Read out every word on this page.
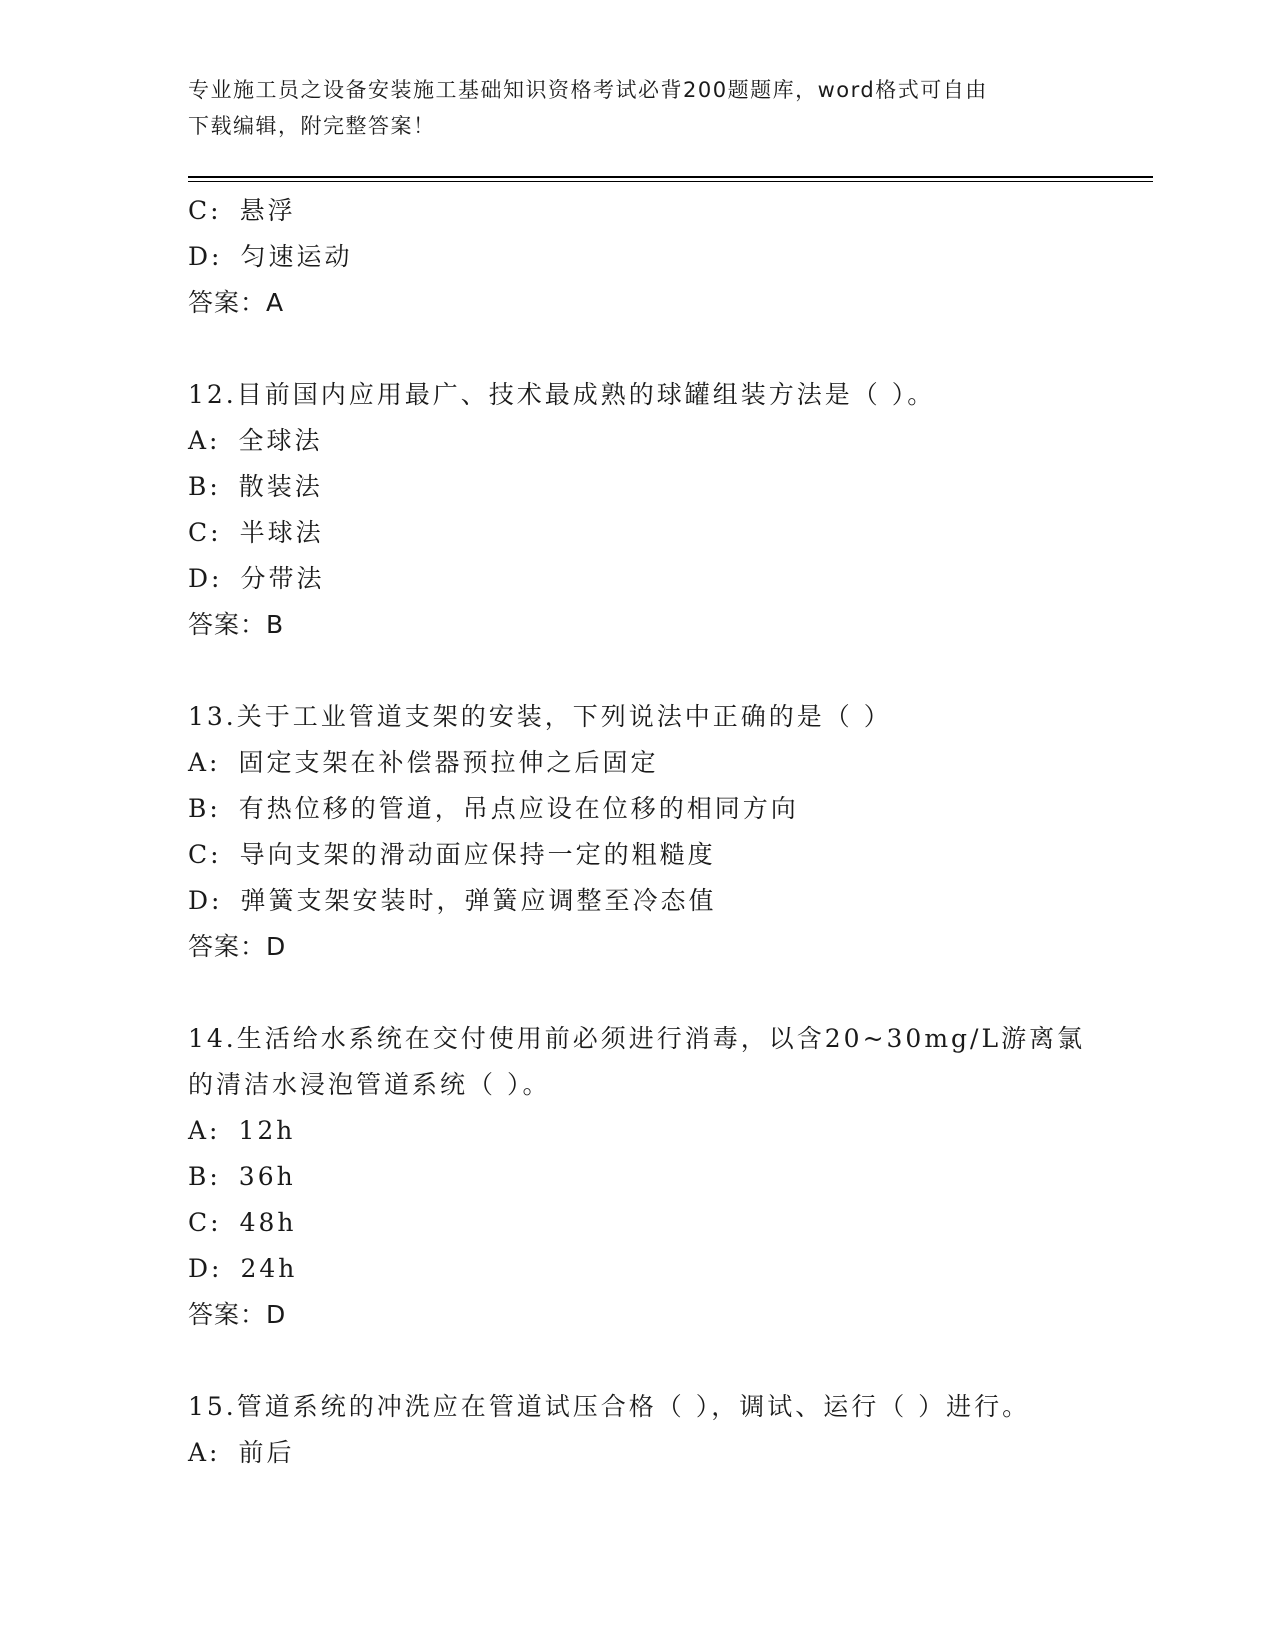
专业施工员之设备安装施工基础知识资格考试必背200题题库，word格式可自由
下载编辑，附完整答案！
C: 悬浮
D: 匀速运动
答案：A
12.目前国内应用最广、技术最成熟的球罐组装方法是（ ）。
A: 全球法
B: 散装法
C: 半球法
D: 分带法
答案：B
13.关于工业管道支架的安装，下列说法中正确的是（ ）
A: 固定支架在补偿器预拉伸之后固定
B: 有热位移的管道，吊点应设在位移的相同方向
C: 导向支架的滑动面应保持一定的粗糙度
D: 弹簧支架安装时，弹簧应调整至冷态值
答案：D
14.生活给水系统在交付使用前必须进行消毒，以含20~30mg/L游离氯
的清洁水浸泡管道系统（ ）。
A: 12h
B: 36h
C: 48h
D: 24h
答案：D
15.管道系统的冲洗应在管道试压合格（ ），调试、运行（ ）进行。
A: 前后
